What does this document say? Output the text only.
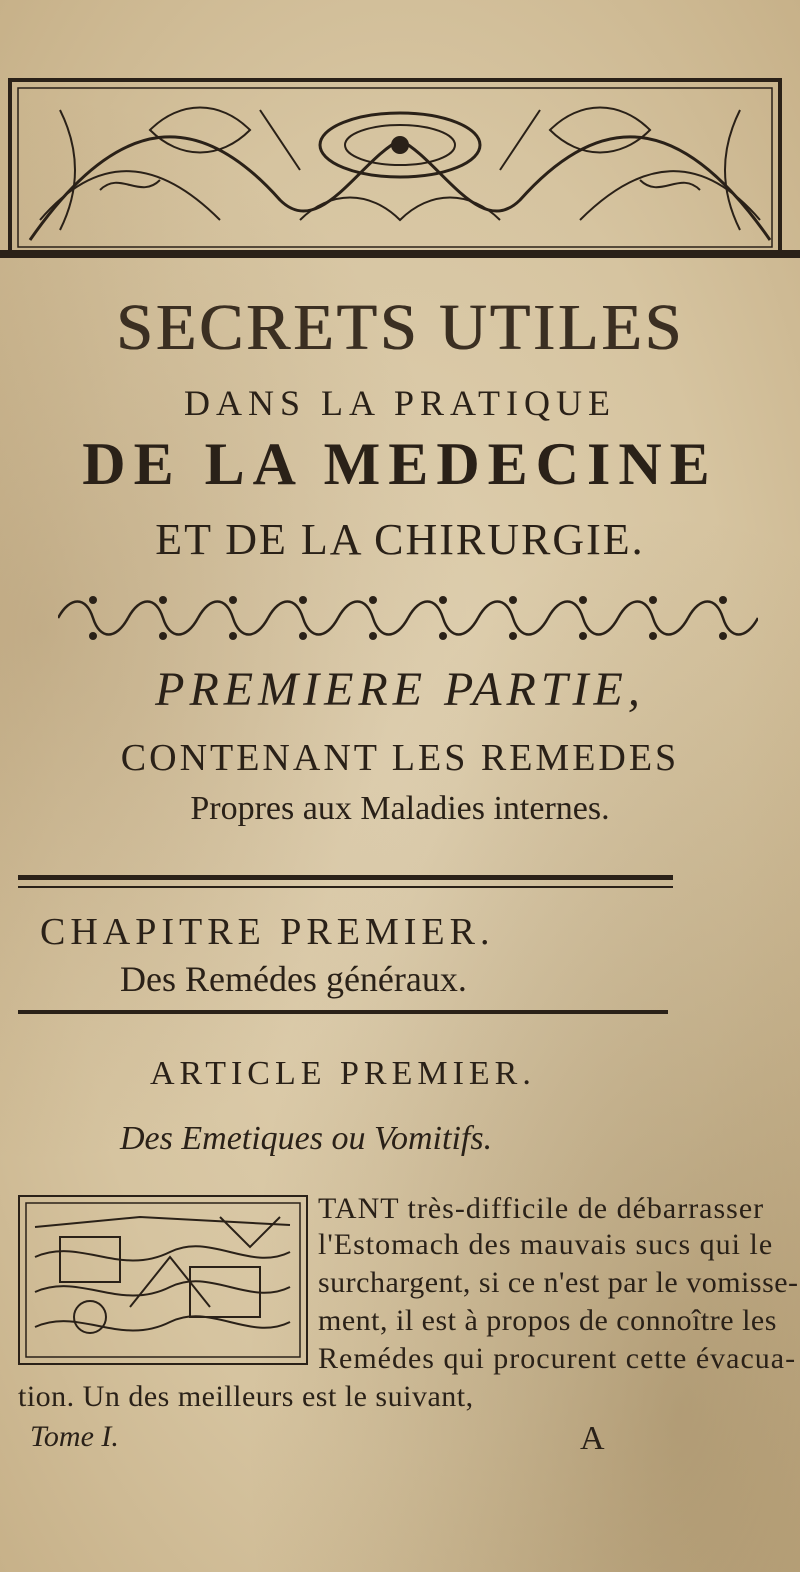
SECRETS UTILES
DANS LA PRATIQUE
DE LA MEDECINE
ET DE LA CHIRURGIE.
PREMIERE PARTIE,
CONTENANT LES REMEDES
Propres aux Maladies internes.
CHAPITRE PREMIER.
Des Remédes généraux.
ARTICLE PREMIER.
Des Emetiques ou Vomitifs.
TANT très-difficile de débarrasser
l'Estomach des mauvais sucs qui le
surchargent, si ce n'est par le vomisse-
ment, il est à propos de connoître les
Remédes qui procurent cette évacua-
tion. Un des meilleurs est le suivant,
Tome I.	A
